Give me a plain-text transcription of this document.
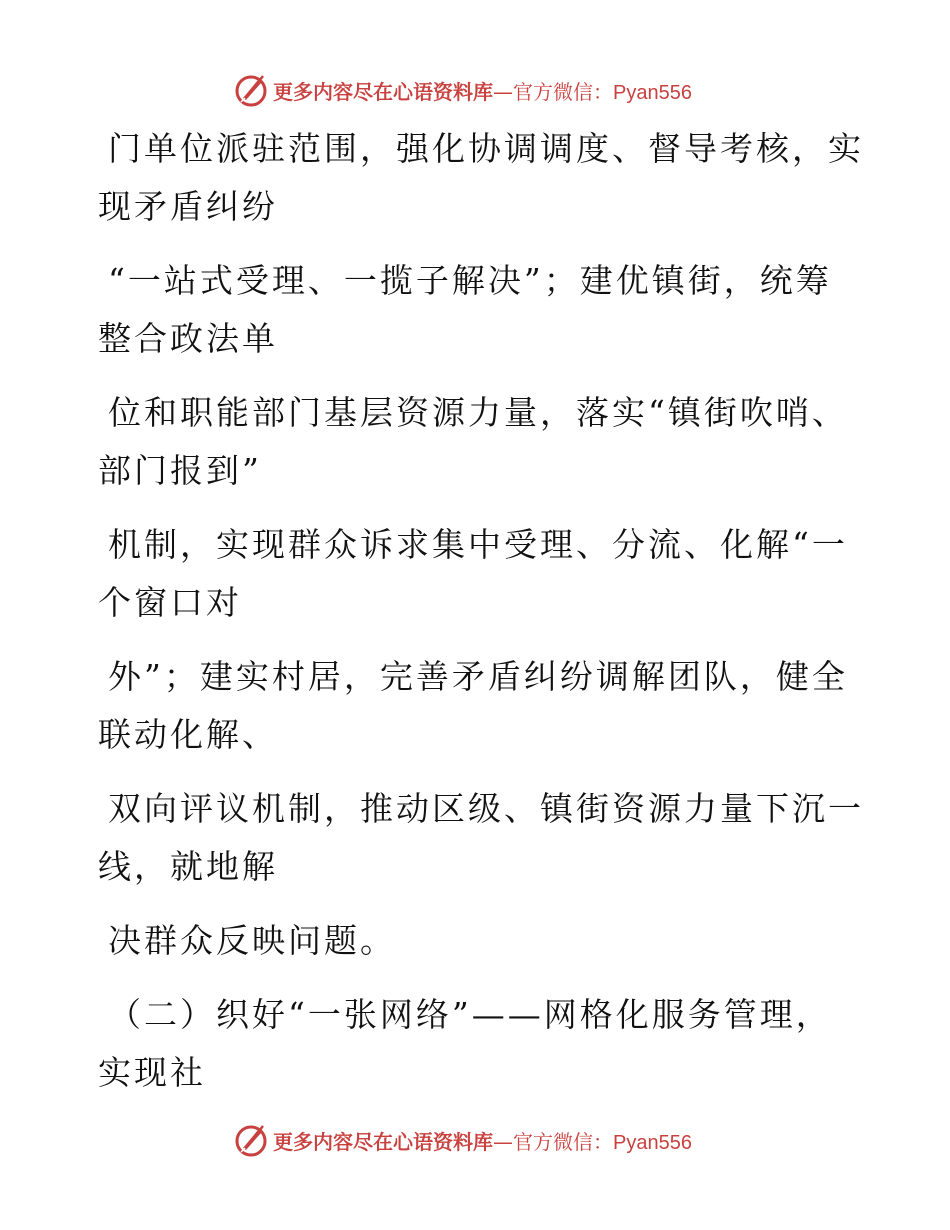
更多内容尽在心语资料库—官方微信：Pyan556

门单位派驻范围，强化协调调度、督导考核，实

现矛盾纠纷

“一站式受理、一揽子解决”；建优镇街，统筹

整合政法单

位和职能部门基层资源力量，落实“镇街吹哨、

部门报到”

机制，实现群众诉求集中受理、分流、化解“一

个窗口对

外”；建实村居，完善矛盾纠纷调解团队，健全

联动化解、

双向评议机制，推动区级、镇街资源力量下沉一

线，就地解

决群众反映问题。

（二）织好“一张网络”——网格化服务管理，

实现社

更多内容尽在心语资料库—官方微信：Pyan556
